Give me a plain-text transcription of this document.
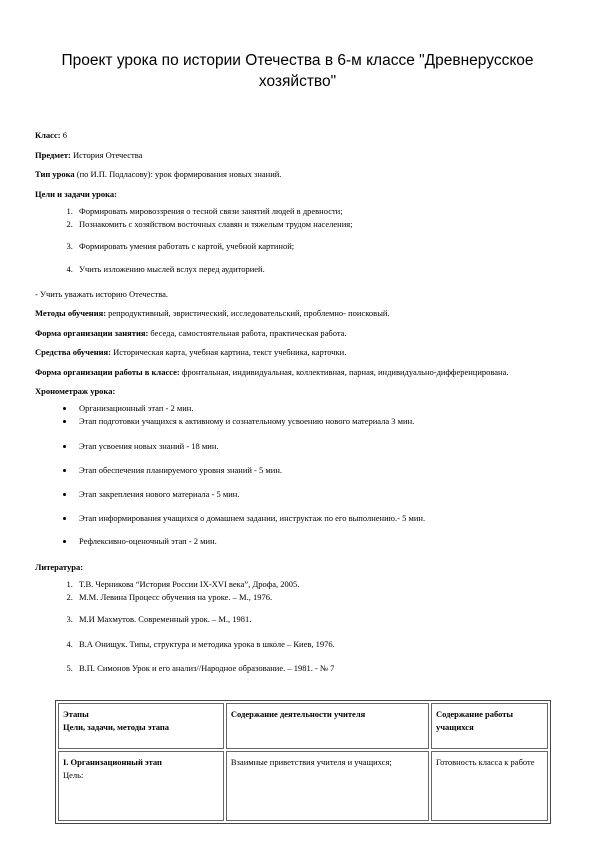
Проект урока по истории Отечества в 6-м классе "Древнерусское хозяйство"

Класс: 6

Предмет: История Отечества

Тип урока (по И.П. Подласову): урок формирования новых знаний.

Цели и задачи урока:

1. Формировать мировоззрения о тесной связи занятий людей в древности;
2. Познакомить с хозяйством восточных славян и тяжелым трудом населения;
3. Формировать умения работать с картой, учебной картиной;
4. Учить изложению мыслей вслух перед аудиторией.

- Учить уважать историю Отечества.

Методы обучения: репродуктивный, эвристический, исследовательский, проблемно- поисковый.

Форма организации занятия: беседа, самостоятельная работа, практическая работа.

Средства обучения: Историческая карта, учебная картина, текст учебника, карточки.

Форма организации работы в классе: фронтальная, индивидуальная, коллективная, парная, индивидуально-дифференцирована.

Хронометраж урока:

• Организационный этап - 2 мин.
• Этап подготовки учащихся к активному и сознательному усвоению нового материала 3 мин.
• Этап усвоения новых знаний - 18 мин.
• Этап обеспечения планируемого уровня знаний - 5 мин.
• Этап закрепления нового материала - 5 мин.
• Этап информирования учащихся о домашнем задании, инструктаж по его выполнению.- 5 мин.
• Рефлексивно-оценочный этап - 2 мин.

Литература:

1. Т.В. Черникова “История России IX-XVI века”, Дрофа, 2005.
2. М.М. Левина Процесс обучения на уроке. – М., 1976.
3. М.И Махмутов. Современный урок. – М., 1981.
4. В.А Онищук. Типы, структура и методика урока в школе – Киев, 1976.
5. В.П. Симонов Урок и его анализ//Народное образование. – 1981. - № 7
Этапы
Цели, задачи, методы этапа	Содержание деятельности учителя	Содержание работы учащихся
I. Организационный этап
Цель:	Взаимные приветствия учителя и учащихся;	Готовность класса к работе
